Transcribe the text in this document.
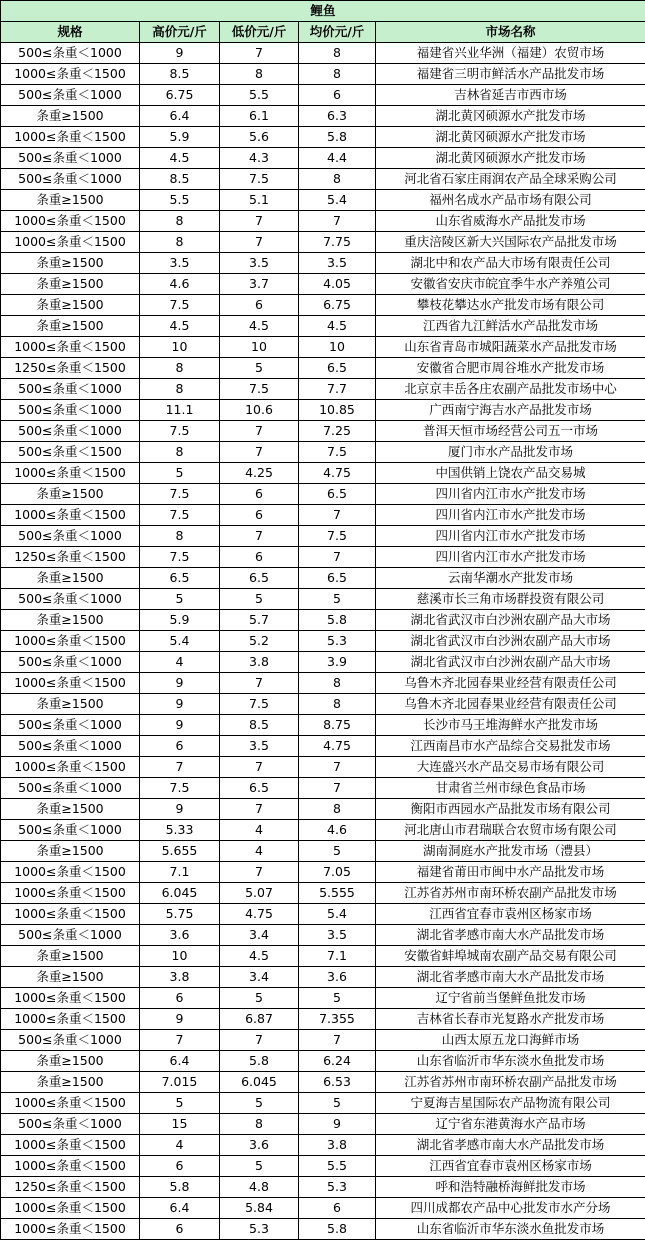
鲤鱼				
规格	高价元/斤	低价元/斤	均价元/斤	市场名称
500≤条重＜1000	9	7	8	福建省兴业华洲（福建）农贸市场
1000≤条重＜1500	8.5	8	8	福建省三明市鲜活水产品批发市场
500≤条重＜1000	6.75	5.5	6	吉林省延吉市西市场
条重≥1500	6.4	6.1	6.3	湖北黄冈硕源水产批发市场
1000≤条重＜1500	5.9	5.6	5.8	湖北黄冈硕源水产批发市场
500≤条重＜1000	4.5	4.3	4.4	湖北黄冈硕源水产批发市场
500≤条重＜1000	8.5	7.5	8	河北省石家庄雨润农产品全球采购公司
条重≥1500	5.5	5.1	5.4	福州名成水产品市场有限公司
1000≤条重＜1500	8	7	7	山东省威海水产品批发市场
1000≤条重＜1500	8	7	7.75	重庆涪陵区新大兴国际农产品批发市场
条重≥1500	3.5	3.5	3.5	湖北中和农产品大市场有限责任公司
条重≥1500	4.6	3.7	4.05	安徽省安庆市皖宜季牛水产养殖公司
条重≥1500	7.5	6	6.75	攀枝花攀达水产批发市场有限公司
条重≥1500	4.5	4.5	4.5	江西省九江鲜活水产品批发市场
1000≤条重＜1500	10	10	10	山东省青岛市城阳蔬菜水产品批发市场
1250≤条重＜1500	8	5	6.5	安徽省合肥市周谷堆水产批发市场
500≤条重＜1000	8	7.5	7.7	北京京丰岳各庄农副产品批发市场中心
500≤条重＜1000	11.1	10.6	10.85	广西南宁海吉水产品批发市场
500≤条重＜1000	7.5	7	7.25	普洱天恒市场经营公司五一市场
500≤条重＜1500	8	7	7.5	厦门市水产品批发市场
1000≤条重＜1500	5	4.25	4.75	中国供销上饶农产品交易城
条重≥1500	7.5	6	6.5	四川省内江市水产批发市场
1000≤条重＜1500	7.5	6	7	四川省内江市水产批发市场
500≤条重＜1000	8	7	7.5	四川省内江市水产批发市场
1250≤条重＜1500	7.5	6	7	四川省内江市水产批发市场
条重≥1500	6.5	6.5	6.5	云南华潮水产批发市场
500≤条重＜1000	5	5	5	慈溪市长三角市场群投资有限公司
条重≥1500	5.9	5.7	5.8	湖北省武汉市白沙洲农副产品大市场
1000≤条重＜1500	5.4	5.2	5.3	湖北省武汉市白沙洲农副产品大市场
500≤条重＜1000	4	3.8	3.9	湖北省武汉市白沙洲农副产品大市场
1000≤条重＜1500	9	7	8	乌鲁木齐北园春果业经营有限责任公司
条重≥1500	9	7.5	8	乌鲁木齐北园春果业经营有限责任公司
500≤条重＜1000	9	8.5	8.75	长沙市马王堆海鲜水产批发市场
500≤条重＜1000	6	3.5	4.75	江西南昌市水产品综合交易批发市场
1000≤条重＜1500	7	7	7	大连盛兴水产品交易市场有限公司
500≤条重＜1000	7.5	6.5	7	甘肃省兰州市绿色食品市场
条重≥1500	9	7	8	衡阳市西园水产品批发市场有限公司
500≤条重＜1000	5.33	4	4.6	河北唐山市君瑞联合农贸市场有限公司
条重≥1500	5.655	4	5	湖南洞庭水产批发市场（澧县）
1000≤条重＜1500	7.1	7	7.05	福建省莆田市闽中水产品批发市场
1000≤条重＜1500	6.045	5.07	5.555	江苏省苏州市南环桥农副产品批发市场
1000≤条重＜1500	5.75	4.75	5.4	江西省宜春市袁州区杨家市场
500≤条重＜1000	3.6	3.4	3.5	湖北省孝感市南大水产品批发市场
条重≥1500	10	4.5	7.1	安徽省蚌埠城南农副产品交易有限公司
条重≥1500	3.8	3.4	3.6	湖北省孝感市南大水产品批发市场
1000≤条重＜1500	6	5	5	辽宁省前当堡鲜鱼批发市场
1000≤条重＜1500	9	6.87	7.355	吉林省长春市光复路水产批发市场
500≤条重＜1000	7	7	7	山西太原五龙口海鲜市场
条重≥1500	6.4	5.8	6.24	山东省临沂市华东淡水鱼批发市场
条重≥1500	7.015	6.045	6.53	江苏省苏州市南环桥农副产品批发市场
1000≤条重＜1500	5	5	5	宁夏海吉星国际农产品物流有限公司
500≤条重＜1000	15	8	9	辽宁省东港黄海水产品市场
1000≤条重＜1500	4	3.6	3.8	湖北省孝感市南大水产品批发市场
1000≤条重＜1500	6	5	5.5	江西省宜春市袁州区杨家市场
1250≤条重＜1500	5.8	4.8	5.3	呼和浩特融桥海鲜批发市场
1000≤条重＜1500	6.4	5.84	6	四川成都农产品中心批发市水产分场
1000≤条重＜1500	6	5.3	5.8	山东省临沂市华东淡水鱼批发市场
